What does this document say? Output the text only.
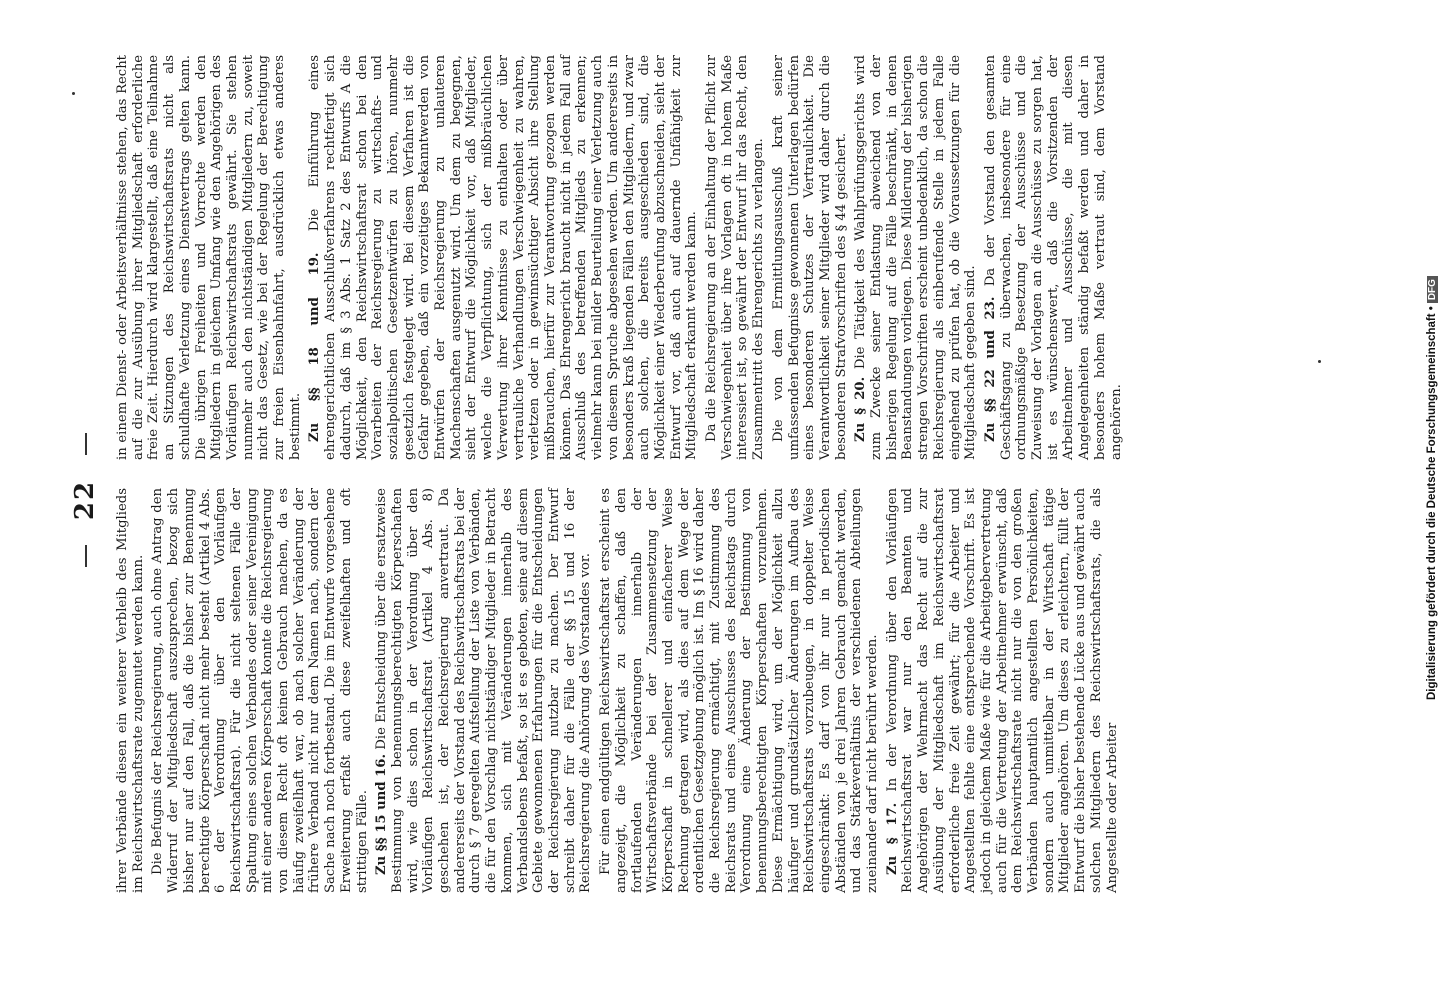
22	ihrer Verbände diesen ein weiterer Verbleib des Mitglieds im Reichswirtschaftsrate zugemutet werden kann. Die Befugnis der Reichsregierung, auch ohne Antrag den Widerruf der Mitgliedschaft auszusprechen, bezog sich bisher nur auf den Fall, daß die bisher zur Benennung berechtigte Körperschaft nicht mehr besteht (Artikel 4 Abs. 6 der Verordnung über den Vorläufigen Reichswirtschaftsrat). Für die nicht seltenen Fälle der Spaltung eines solchen Verbandes oder seiner Vereinigung mit einer anderen Körperschaft konnte die Reichsregierung von diesem Recht oft keinen Gebrauch machen, da es häufig zweifelhaft war, ob nach solcher Veränderung der frühere Verband nicht nur dem Namen nach, sondern der Sache nach noch fortbestand. Die im Entwurfe vorgesehene Erweiterung erfaßt auch diese zweifelhaften und oft strittigen Fälle. Zu §§ 15 und 16. Die Entscheidung über die ersatzweise Bestimmung von benennungsberechtigten Körperschaften wird, wie dies schon in der Verordnung über den Vorläufigen Reichswirtschaftsrat (Artikel 4 Abs. 8) geschehen ist, der Reichsregierung anvertraut. Da andererseits der Vorstand des Reichswirtschaftsrats bei der durch § 7 geregelten Aufstellung der Liste von Verbänden, die für den Vorschlag nichtständiger Mitglieder in Betracht kommen, sich mit Veränderungen innerhalb des Verbandslebens befaßt, so ist es geboten, seine auf diesem Gebiete gewonnenen Erfahrungen für die Entscheidungen der Reichsregierung nutzbar zu machen. Der Entwurf schreibt daher für die Fälle der §§ 15 und 16 der Reichsregierung die Anhörung des Vorstandes vor. Für einen endgültigen Reichswirtschaftsrat erscheint es angezeigt, die Möglichkeit zu schaffen, daß den fortlaufenden Veränderungen innerhalb der Wirtschaftsverbände bei der Zusammensetzung der Körperschaft in schnellerer und einfacherer Weise Rechnung getragen wird, als dies auf dem Wege der ordentlichen Gesetzgebung möglich ist. Im § 16 wird daher die Reichsregierung ermächtigt, mit Zustimmung des Reichsrats und eines Ausschusses des Reichstags durch Verordnung eine Änderung der Bestimmung von benennungsberechtigten Körperschaften vorzunehmen. Diese Ermächtigung wird, um der Möglichkeit allzu häufiger und grundsätzlicher Änderungen im Aufbau des Reichswirtschaftsrats vorzubeugen, in doppelter Weise eingeschränkt: Es darf von ihr nur in periodischen Abständen von je drei Jahren Gebrauch gemacht werden, und das Stärkeverhältnis der verschiedenen Abteilungen zueinander darf nicht berührt werden. Zu § 17. In der Verordnung über den Vorläufigen Reichswirtschaftsrat war nur den Beamten und Angehörigen der Wehrmacht das Recht auf die zur Ausübung der Mitgliedschaft im Reichswirtschaftsrat erforderliche freie Zeit gewährt; für die Arbeiter und Angestellten fehlte eine entsprechende Vorschrift. Es ist jedoch in gleichem Maße wie für die Arbeitgebervertretung auch für die Vertretung der Arbeitnehmer erwünscht, daß dem Reichswirtschaftsrate nicht nur die von den großen Verbänden hauptamtlich angestellten Persönlichkeiten, sondern auch unmittelbar in der Wirtschaft tätige Mitglieder angehören. Um dieses zu erleichtern, füllt der Entwurf die bisher bestehende Lücke aus und gewährt auch solchen Mitgliedern des Reichswirtschaftsrats, die als Angestellte oder Arbeiter

in einem Dienst- oder Arbeitsverhältnisse stehen, das Recht auf die zur Ausübung ihrer Mitgliedschaft erforderliche freie Zeit. Hierdurch wird klargestellt, daß eine Teilnahme an Sitzungen des Reichswirtschaftsrats nicht als schuldhafte Verletzung eines Dienstvertrags gelten kann. Die übrigen Freiheiten und Vorrechte werden den Mitgliedern in gleichem Umfang wie den Angehörigen des Vorläufigen Reichswirtschaftsrats gewährt. Sie stehen nunmehr auch den nichtständigen Mitgliedern zu, soweit nicht das Gesetz, wie bei der Regelung der Berechtigung zur freien Eisenbahnfahrt, ausdrücklich etwas anderes bestimmt. Zu §§ 18 und 19. Die Einführung eines ehrengerichtlichen Ausschlußverfahrens rechtfertigt sich dadurch, daß im § 3 Abs. 1 Satz 2 des Entwurfs A die Möglichkeit, den Reichswirtschaftsrat schon bei den Vorarbeiten der Reichsregierung zu wirtschafts- und sozialpolitischen Gesetzentwürfen zu hören, nunmehr gesetzlich festgelegt wird. Bei diesem Verfahren ist die Gefahr gegeben, daß ein vorzeitiges Bekanntwerden von Entwürfen der Reichsregierung zu unlauteren Machenschaften ausgenutzt wird. Um dem zu begegnen, sieht der Entwurf die Möglichkeit vor, daß Mitglieder, welche die Verpflichtung, sich der mißbräuchlichen Verwertung ihrer Kenntnisse zu enthalten oder über vertrauliche Verhandlungen Verschwiegenheit zu wahren, verletzen oder in gewinnsüchtiger Absicht ihre Stellung mißbrauchen, hierfür zur Verantwortung gezogen werden können. Das Ehrengericht braucht nicht in jedem Fall auf Ausschluß des betreffenden Mitglieds zu erkennen; vielmehr kann bei milder Beurteilung einer Verletzung auch von diesem Spruche abgesehen werden. Um andererseits in besonders kraß liegenden Fällen den Mitgliedern, und zwar auch solchen, die bereits ausgeschieden sind, die Möglichkeit einer Wiederberufung abzuschneiden, sieht der Entwurf vor, daß auch auf dauernde Unfähigkeit zur Mitgliedschaft erkannt werden kann. Da die Reichsregierung an der Einhaltung der Pflicht zur Verschwiegenheit über ihre Vorlagen oft in hohem Maße interessiert ist, so gewährt der Entwurf ihr das Recht, den Zusammentritt des Ehrengerichts zu verlangen. Die von dem Ermittlungsausschuß kraft seiner umfassenden Befugnisse gewonnenen Unterlagen bedürfen eines besonderen Schutzes der Vertraulichkeit. Die Verantwortlichkeit seiner Mitglieder wird daher durch die besonderen Strafvorschriften des § 44 gesichert. Zu § 20. Die Tätigkeit des Wahlprüfungsgerichts wird zum Zwecke seiner Entlastung abweichend von der bisherigen Regelung auf die Fälle beschränkt, in denen Beanstandungen vorliegen. Diese Milderung der bisherigen strengen Vorschriften erscheint unbedenklich, da schon die Reichsregierung als einberufende Stelle in jedem Falle eingehend zu prüfen hat, ob die Voraussetzungen für die Mitgliedschaft gegeben sind. Zu §§ 22 und 23. Da der Vorstand den gesamten Geschäftsgang zu überwachen, insbesondere für eine ordnungsmäßige Besetzung der Ausschüsse und die Zuweisung der Vorlagen an die Ausschüsse zu sorgen hat, ist es wünschenswert, daß die Vorsitzenden der Arbeitnehmer und Ausschüsse, die mit diesen Angelegenheiten ständig befaßt werden und daher in besonders hohem Maße vertraut sind, dem Vorstand angehören.	Digitalisierung gefördert durch die Deutsche Forschungsgemeinschaft •DFG
